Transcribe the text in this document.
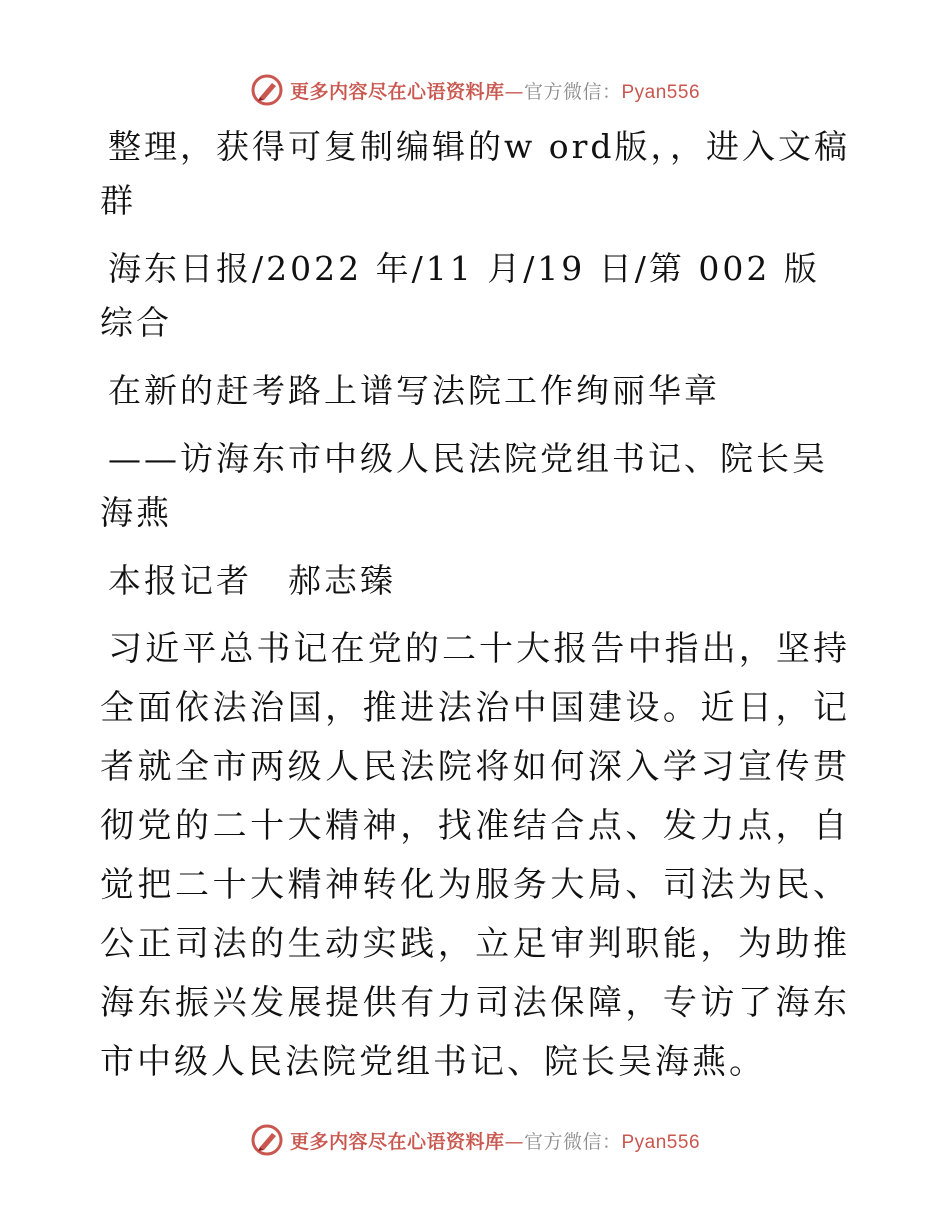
更多内容尽在心语资料库—官方微信：Pyan556

整理，获得可复制编辑的w ord版，，进入文稿群

海东日报/2022 年/11 月/19 日/第 002 版综合

在新的赶考路上谱写法院工作绚丽华章

——访海东市中级人民法院党组书记、院长吴海燕

本报记者　郝志臻

习近平总书记在党的二十大报告中指出，坚持全面依法治国，推进法治中国建设。近日，记者就全市两级人民法院将如何深入学习宣传贯彻党的二十大精神，找准结合点、发力点，自觉把二十大精神转化为服务大局、司法为民、公正司法的生动实践，立足审判职能，为助推海东振兴发展提供有力司法保障，专访了海东市中级人民法院党组书记、院长吴海燕。

更多内容尽在心语资料库—官方微信：Pyan556
